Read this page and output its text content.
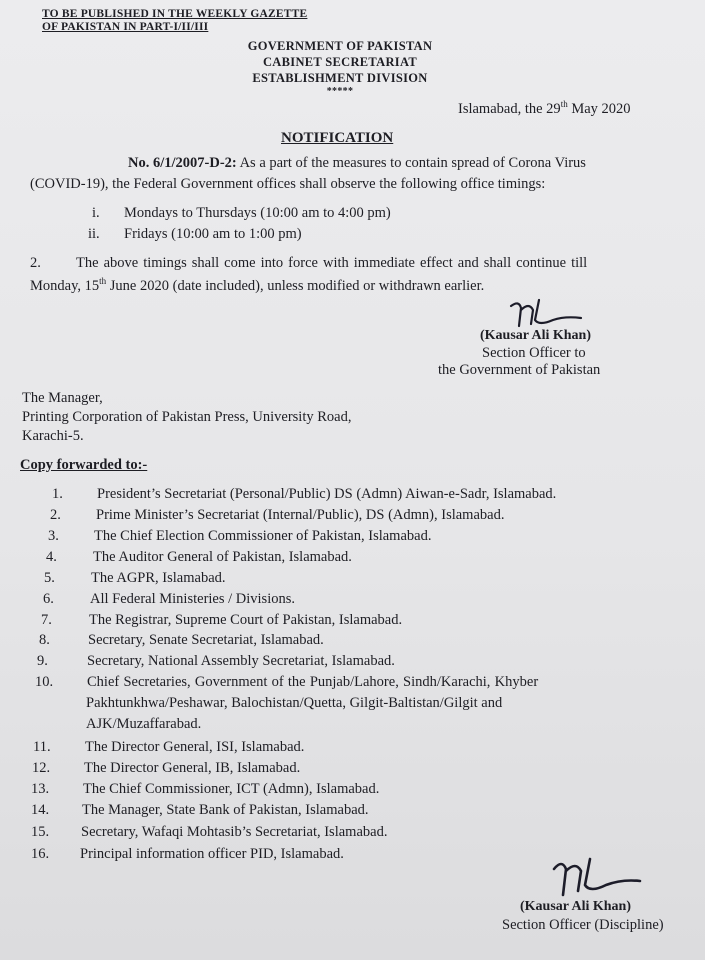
TO BE PUBLISHED IN THE WEEKLY GAZETTE
OF PAKISTAN IN PART-I/II/III
GOVERNMENT OF PAKISTAN
CABINET SECRETARIAT
ESTABLISHMENT DIVISION
*****
Islamabad, the 29th May 2020
NOTIFICATION
No. 6/1/2007-D-2: As a part of the measures to contain spread of Corona Virus
(COVID-19), the Federal Government offices shall observe the following office timings:
i. Mondays to Thursdays (10:00 am to 4:00 pm)
ii. Fridays (10:00 am to 1:00 pm)
2. The above timings shall come into force with immediate effect and shall continue till
Monday, 15th June 2020 (date included), unless modified or withdrawn earlier.
(Kausar Ali Khan)
Section Officer to
the Government of Pakistan
The Manager,
Printing Corporation of Pakistan Press, University Road,
Karachi-5.
Copy forwarded to:-
1.	President’s Secretariat (Personal/Public) DS (Admn) Aiwan-e-Sadr, Islamabad.
2.	Prime Minister’s Secretariat (Internal/Public), DS (Admn), Islamabad.
3.	The Chief Election Commissioner of Pakistan, Islamabad.
4.	The Auditor General of Pakistan, Islamabad.
5.	The AGPR, Islamabad.
6.	All Federal Ministeries / Divisions.
7.	The Registrar, Supreme Court of Pakistan, Islamabad.
8.	Secretary, Senate Secretariat, Islamabad.
9.	Secretary, National Assembly Secretariat, Islamabad.
10.	Chief Secretaries, Government of the Punjab/Lahore, Sindh/Karachi, Khyber
Pakhtunkhwa/Peshawar, Balochistan/Quetta, Gilgit-Baltistan/Gilgit and
AJK/Muzaffarabad.
11.	The Director General, ISI, Islamabad.
12.	The Director General, IB, Islamabad.
13.	The Chief Commissioner, ICT (Admn), Islamabad.
14.	The Manager, State Bank of Pakistan, Islamabad.
15.	Secretary, Wafaqi Mohtasib’s Secretariat, Islamabad.
16.	Principal information officer PID, Islamabad.
(Kausar Ali Khan)
Section Officer (Discipline)
